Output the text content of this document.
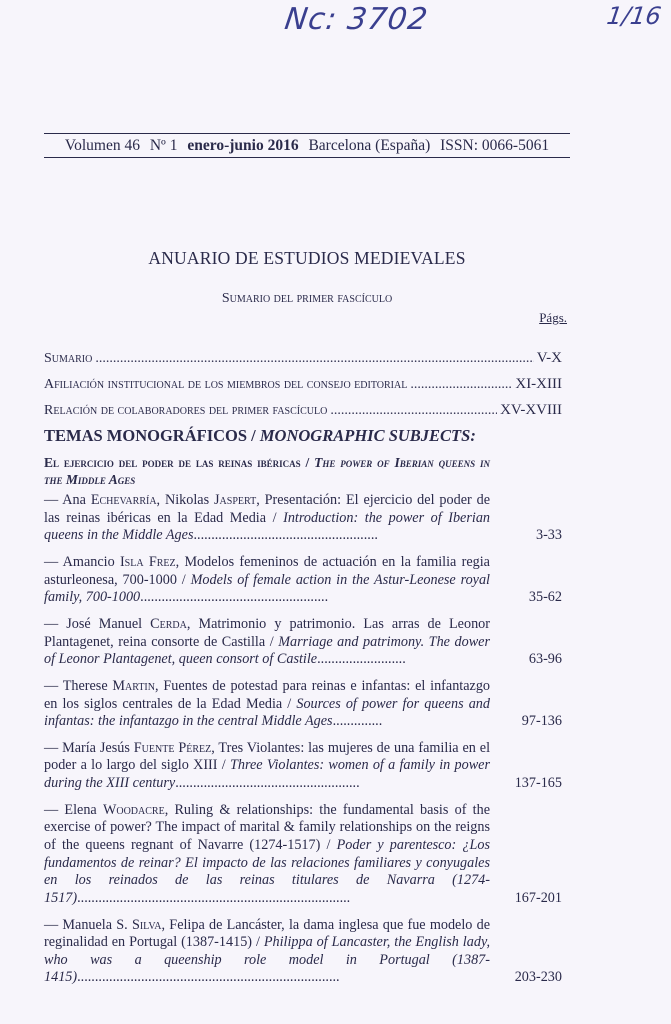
Nc: 3702	1/16
Volumen 46 Nº 1 enero-junio 2016 Barcelona (España) ISSN: 0066-5061
ANUARIO DE ESTUDIOS MEDIEVALES
Sumario del primer fascículo
Págs.
Sumario .....	V-X
Afiliación institucional de los miembros del consejo editorial .....	XI-XIII
Relación de colaboradores del primer fascículo .....	XV-XVIII
TEMAS MONOGRÁFICOS / MONOGRAPHIC SUBJECTS:
El ejercicio del poder de las reinas ibéricas / The power of Iberian queens in the Middle Ages
— Ana Echevarría, Nikolas Jaspert, Presentación: El ejercicio del poder de las reinas ibéricas en la Edad Media / Introduction: the power of Iberian queens in the Middle Ages....................................................	3-33
— Amancio Isla Frez, Modelos femeninos de actuación en la familia regia asturleonesa, 700-1000 / Models of female action in the Astur-Leonese royal family, 700-1000.....................................................	35-62
— José Manuel Cerda, Matrimonio y patrimonio. Las arras de Leonor Plantagenet, reina consorte de Castilla / Marriage and patrimony. The dower of Leonor Plantagenet, queen consort of Castile.........................	63-96
— Therese Martin, Fuentes de potestad para reinas e infantas: el infantazgo en los siglos centrales de la Edad Media / Sources of power for queens and infantas: the infantazgo in the central Middle Ages..............	97-136
— María Jesús Fuente Pérez, Tres Violantes: las mujeres de una familia en el poder a lo largo del siglo XIII / Three Violantes: women of a family in power during the XIII century....................................................	137-165
— Elena Woodacre, Ruling & relationships: the fundamental basis of the exercise of power? The impact of marital & family relationships on the reigns of the queens regnant of Navarre (1274-1517) / Poder y parentesco: ¿Los fundamentos de reinar? El impacto de las relaciones familiares y conyugales en los reinados de las reinas titulares de Navarra (1274-1517).............................................................................	167-201
— Manuela S. Silva, Felipa de Lancáster, la dama inglesa que fue modelo de reginalidad en Portugal (1387-1415) / Philippa of Lancaster, the English lady, who was a queenship role model in Portugal (1387-1415)..........................................................................	203-230
